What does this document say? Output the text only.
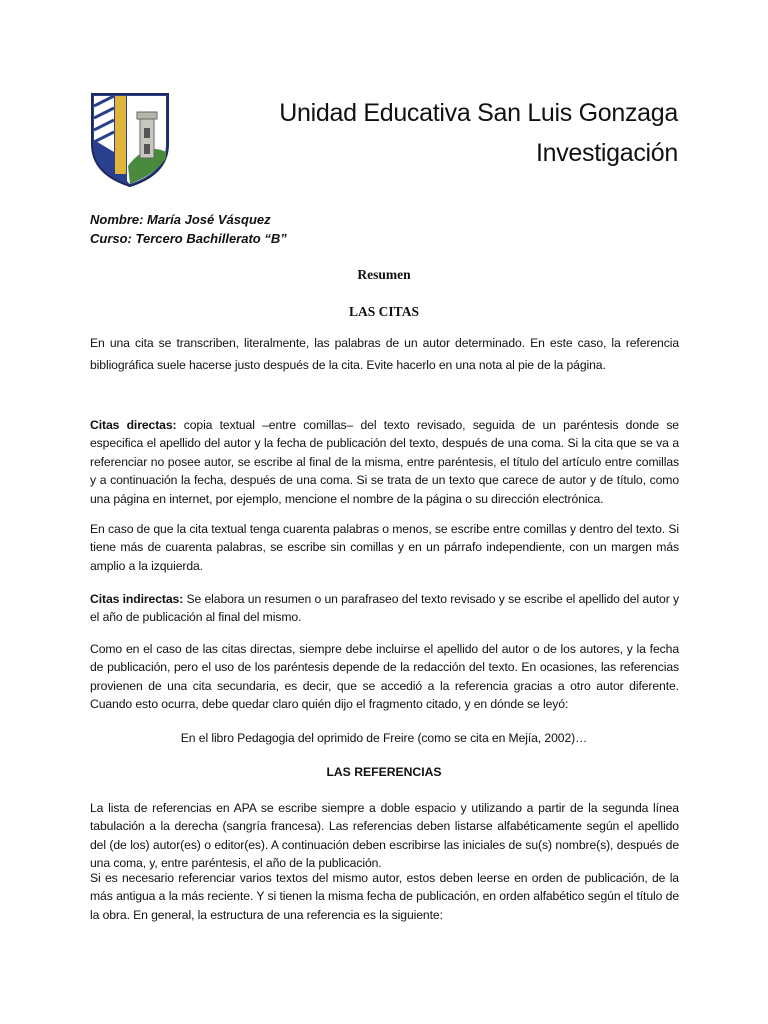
Unidad Educativa San Luis Gonzaga
Investigación
Nombre: María José Vásquez
Curso: Tercero Bachillerato “B”
Resumen
LAS CITAS

En una cita se transcriben, literalmente, las palabras de un autor determinado. En este caso, la referencia bibliográfica suele hacerse justo después de la cita. Evite hacerlo en una nota al pie de la página.

Citas directas: copia textual –entre comillas– del texto revisado, seguida de un paréntesis donde se especifica el apellido del autor y la fecha de publicación del texto, después de una coma. Si la cita que se va a referenciar no posee autor, se escribe al final de la misma, entre paréntesis, el título del artículo entre comillas y a continuación la fecha, después de una coma. Si se trata de un texto que carece de autor y de título, como una página en internet, por ejemplo, mencione el nombre de la página o su dirección electrónica.

En caso de que la cita textual tenga cuarenta palabras o menos, se escribe entre comillas y dentro del texto. Si tiene más de cuarenta palabras, se escribe sin comillas y en un párrafo independiente, con un margen más amplio a la izquierda.

Citas indirectas: Se elabora un resumen o un parafraseo del texto revisado y se escribe el apellido del autor y el año de publicación al final del mismo.

Como en el caso de las citas directas, siempre debe incluirse el apellido del autor o de los autores, y la fecha de publicación, pero el uso de los paréntesis depende de la redacción del texto. En ocasiones, las referencias provienen de una cita secundaria, es decir, que se accedió a la referencia gracias a otro autor diferente. Cuando esto ocurra, debe quedar claro quién dijo el fragmento citado, y en dónde se leyó:

En el libro Pedagogia del oprimido de Freire (como se cita en Mejía, 2002)…
LAS REFERENCIAS

La lista de referencias en APA se escribe siempre a doble espacio y utilizando a partir de la segunda línea tabulación a la derecha (sangría francesa). Las referencias deben listarse alfabéticamente según el apellido del (de los) autor(es) o editor(es). A continuación deben escribirse las iniciales de su(s) nombre(s), después de una coma, y, entre paréntesis, el año de la publicación.

Si es necesario referenciar varios textos del mismo autor, estos deben leerse en orden de publicación, de la más antigua a la más reciente. Y si tienen la misma fecha de publicación, en orden alfabético según el título de la obra. En general, la estructura de una referencia es la siguiente:
